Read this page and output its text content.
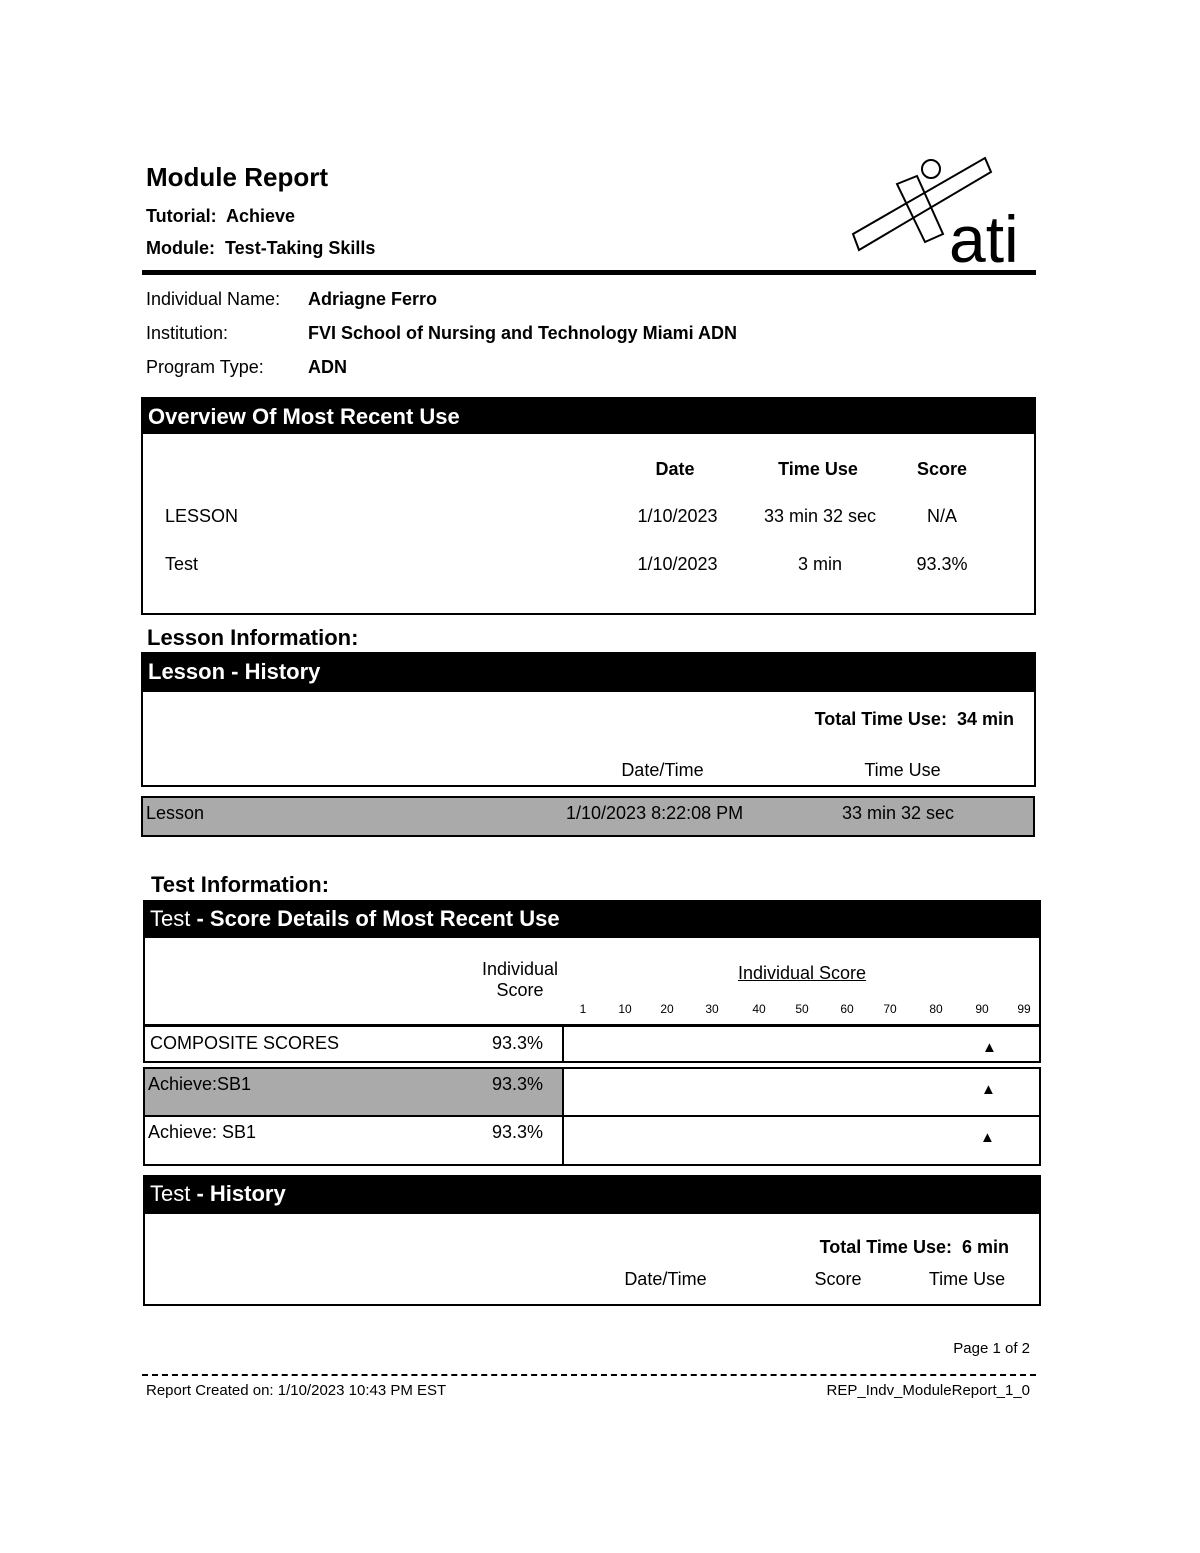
Module Report
Tutorial: Achieve
Module: Test-Taking Skills	ati
Individual Name: Adriagne Ferro
Institution:	FVI School of Nursing and Technology Miami ADN
Program Type: ADN
Overview Of Most Recent Use
Date	Time Use	Score
LESSON	1/10/2023	33 min 32 sec	N/A
Test	1/10/2023	3 min	93.3%
Lesson Information:
Lesson - History
Total Time Use: 34 min
Date/Time	Time Use
Lesson	1/10/2023 8:22:08 PM	33 min 32 sec
Test Information:
Test - Score Details of Most Recent Use
Individual
Score
Individual Score
1	10	20	30	40	50	60	70	80	90	99
COMPOSITE SCORES	93.3%	▲
Achieve:SB1	93.3%	▲
Achieve: SB1	93.3%	▲
Test - History
Total Time Use: 6 min
Date/Time	Score	Time Use
Page 1 of 2
Report Created on: 1/10/2023 10:43 PM EST	REP_Indv_ModuleReport_1_0
